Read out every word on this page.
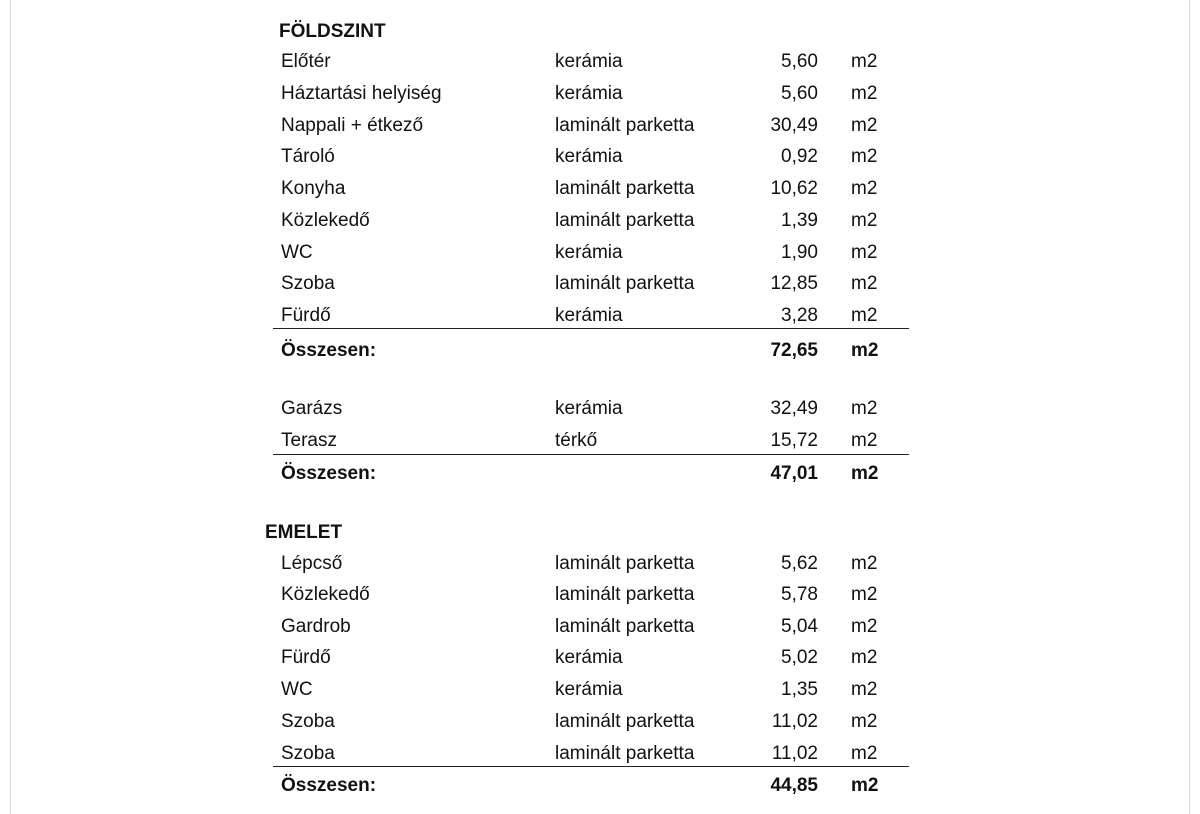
FÖLDSZINT
Előtér	kerámia	5,60 m2
Háztartási helyiség	kerámia	5,60 m2
Nappali + étkező	laminált parketta	30,49 m2
Tároló	kerámia	0,92 m2
Konyha	laminált parketta	10,62 m2
Közlekedő	laminált parketta	1,39 m2
WC	kerámia	1,90 m2
Szoba	laminált parketta	12,85 m2
Fürdő	kerámia	3,28 m2
Összesen:	72,65 m2
Garázs	kerámia	32,49 m2
Terasz	térkő	15,72 m2
Összesen:	47,01 m2
EMELET
Lépcső	laminált parketta	5,62 m2
Közlekedő	laminált parketta	5,78 m2
Gardrob	laminált parketta	5,04 m2
Fürdő	kerámia	5,02 m2
WC	kerámia	1,35 m2
Szoba	laminált parketta	11,02 m2
Szoba	laminált parketta	11,02 m2
Összesen:	44,85 m2
